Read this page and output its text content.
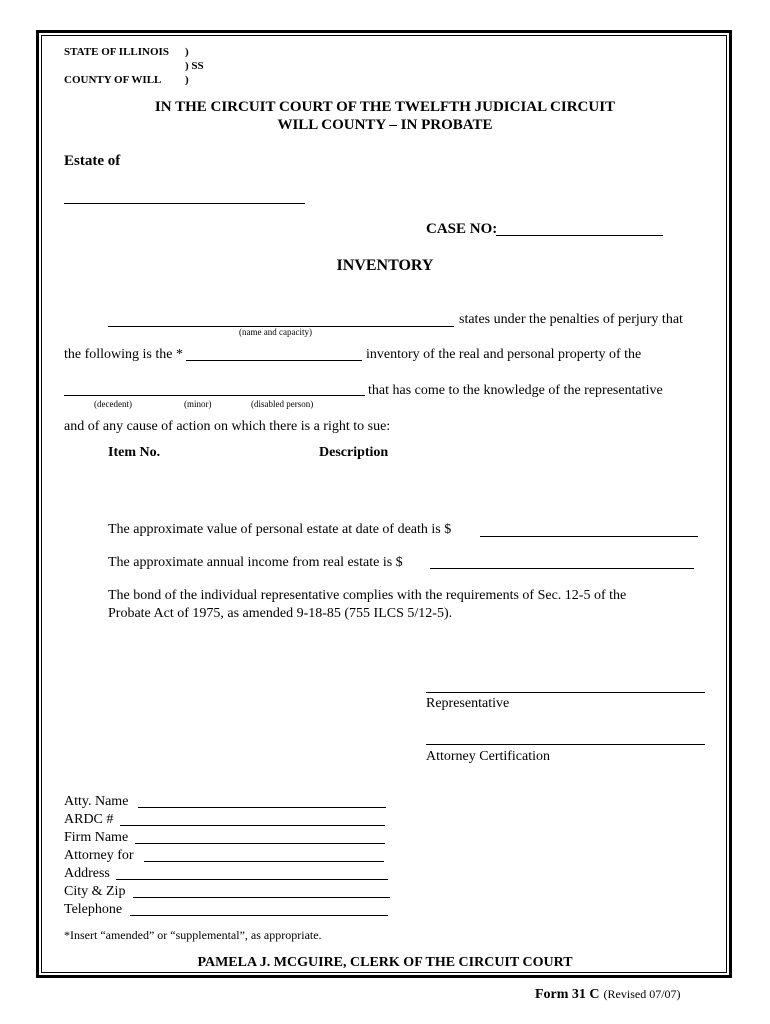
STATE OF ILLINOIS )
) SS
COUNTY OF WILL )
IN THE CIRCUIT COURT OF THE TWELFTH JUDICIAL CIRCUIT
WILL COUNTY – IN PROBATE
Estate of
CASE NO:
INVENTORY
states under the penalties of perjury that
(name and capacity)
the following is the *	inventory of the real and personal property of the
that has come to the knowledge of the representative
(decedent)	(minor)	(disabled person)
and of any cause of action on which there is a right to sue:
Item No.	Description
The approximate value of personal estate at date of death is $
The approximate annual income from real estate is $
The bond of the individual representative complies with the requirements of Sec. 12-5 of the
Probate Act of 1975, as amended 9-18-85 (755 ILCS 5/12-5).
Representative
Attorney Certification
Atty. Name
ARDC #
Firm Name
Attorney for
Address
City & Zip
Telephone
*Insert “amended” or “supplemental”, as appropriate.
PAMELA J. MCGUIRE, CLERK OF THE CIRCUIT COURT
Form 31 C (Revised 07/07)
